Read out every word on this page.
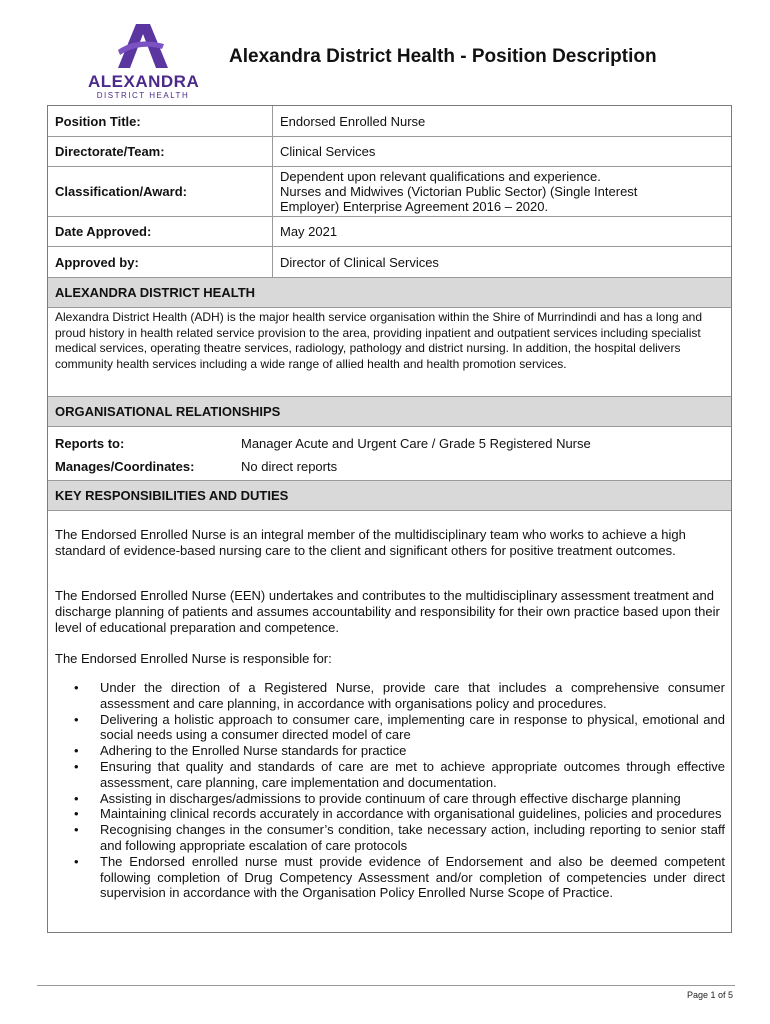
ALEXANDRA
DISTRICT HEALTH
Alexandra District Health - Position Description
Position Title:	Endorsed Enrolled Nurse
Directorate/Team:	Clinical Services
Classification/Award:
Dependent upon relevant qualifications and experience.
Nurses and Midwives (Victorian Public Sector) (Single Interest Employer) Enterprise Agreement 2016 – 2020.
Date Approved:	May 2021
Approved by:	Director of Clinical Services
ALEXANDRA DISTRICT HEALTH
Alexandra District Health (ADH) is the major health service organisation within the Shire of Murrindindi and has a long and proud history in health related service provision to the area, providing inpatient and outpatient services including specialist medical services, operating theatre services, radiology, pathology and district nursing. In addition, the hospital delivers community health services including a wide range of allied health and health promotion services.
ORGANISATIONAL RELATIONSHIPS
Reports to:	Manager Acute and Urgent Care / Grade 5 Registered Nurse
Manages/Coordinates:	No direct reports
KEY RESPONSIBILITIES AND DUTIES
The Endorsed Enrolled Nurse is an integral member of the multidisciplinary team who works to achieve a high standard of evidence-based nursing care to the client and significant others for positive treatment outcomes.
The Endorsed Enrolled Nurse (EEN) undertakes and contributes to the multidisciplinary assessment treatment and discharge planning of patients and assumes accountability and responsibility for their own practice based upon their level of educational preparation and competence.
The Endorsed Enrolled Nurse is responsible for:
• Under the direction of a Registered Nurse, provide care that includes a comprehensive consumer assessment and care planning, in accordance with organisations policy and procedures.
• Delivering a holistic approach to consumer care, implementing care in response to physical, emotional and social needs using a consumer directed model of care
• Adhering to the Enrolled Nurse standards for practice
• Ensuring that quality and standards of care are met to achieve appropriate outcomes through effective assessment, care planning, care implementation and documentation.
• Assisting in discharges/admissions to provide continuum of care through effective discharge planning
• Maintaining clinical records accurately in accordance with organisational guidelines, policies and procedures
• Recognising changes in the consumer’s condition, take necessary action, including reporting to senior staff and following appropriate escalation of care protocols
• The Endorsed enrolled nurse must provide evidence of Endorsement and also be deemed competent following completion of Drug Competency Assessment and/or completion of competencies under direct supervision in accordance with the Organisation Policy Enrolled Nurse Scope of Practice.
Page 1 of 5
